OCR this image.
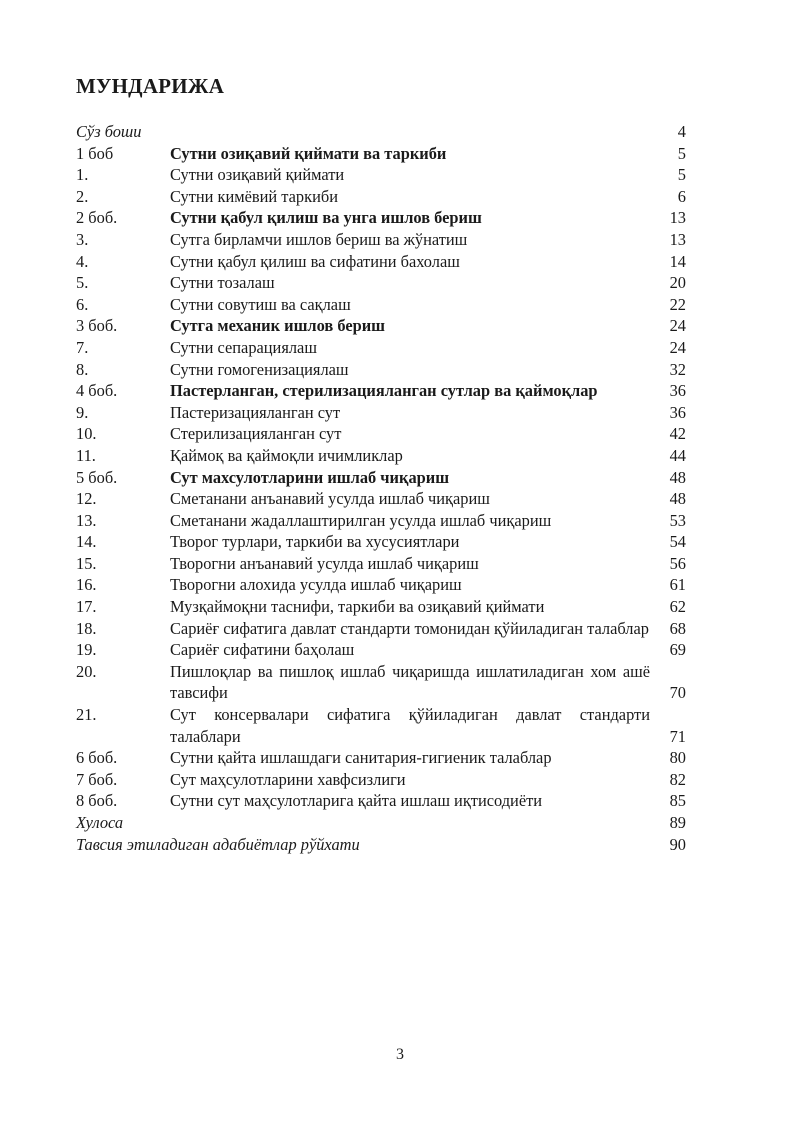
МУНДАРИЖА
Сўз боши	4
1 боб	Сутни озиқавий қиймати ва таркиби	5
1.	Сутни озиқавий қиймати	5
2.	Сутни кимёвий таркиби	6
2 боб.	Сутни қабул қилиш ва унга ишлов бериш	13
3.	Сутга бирламчи ишлов бериш ва жўнатиш	13
4.	Сутни қабул қилиш ва сифатини бахолаш	14
5.	Сутни тозалаш	20
6.	Сутни совутиш ва сақлаш	22
3 боб.	Сутга механик ишлов бериш	24
7.	Сутни сепарациялаш	24
8.	Сутни гомогенизациялаш	32
4 боб.	Пастерланган, стерилизацияланган сутлар ва қаймоқлар	36
9.	Пастеризацияланган сут	36
10.	Стерилизацияланган сут	42
11.	Қаймоқ ва қаймоқли ичимликлар	44
5 боб.	Сут махсулотларини ишлаб чиқариш	48
12.	Сметанани анъанавий усулда ишлаб чиқариш	48
13.	Сметанани жадаллаштирилган усулда ишлаб чиқариш	53
14.	Творог турлари, таркиби ва хусусиятлари	54
15.	Творогни анъанавий усулда ишлаб чиқариш	56
16.	Творогни алохида усулда ишлаб чиқариш	61
17.	Музқаймоқни таснифи, таркиби ва озиқавий қиймати	62
18.	Сариёғ сифатига давлат стандарти томонидан қўйиладиган талаблар	68
19.	Сариёғ сифатини баҳолаш	69
20.	Пишлоқлар ва пишлоқ ишлаб чиқаришда ишлатиладиган хом ашё тавсифи	70
21.	Сут консервалари сифатига қўйиладиган давлат стандарти талаблари	71
6 боб.	Сутни қайта ишлашдаги санитария-гигиеник талаблар	80
7 боб.	Сут маҳсулотларини хавфсизлиги	82
8 боб.	Сутни сут маҳсулотларига қайта ишлаш иқтисодиёти	85
Хулоса	89
Тавсия этиладиган адабиётлар рўйхати	90
3
